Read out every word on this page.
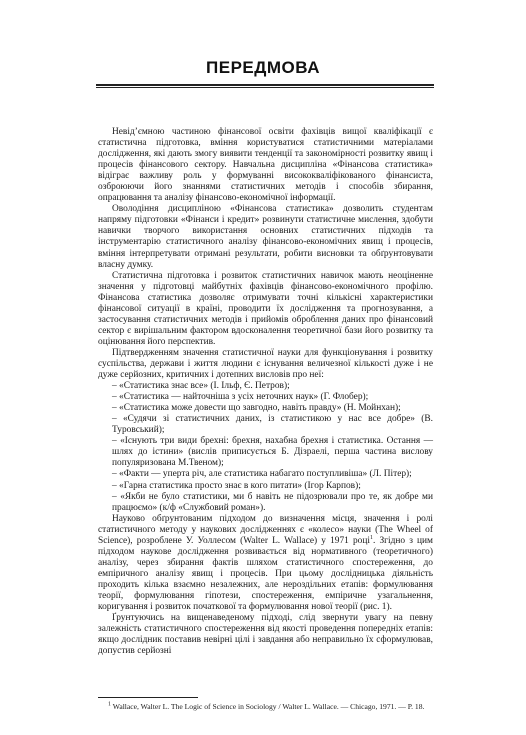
ПЕРЕДМОВА

Невід’ємною частиною фінансової освіти фахівців вищої кваліфікації є статистична підготовка, вміння користуватися статистичними матеріалами дослідження, які дають змогу виявити тенденції та закономірності розвитку явищ і процесів фінансового сектору. Навчальна дисципліна «Фінансова статистика» відіграє важливу роль у формуванні висококваліфікованого фінансиста, озброюючи його знаннями статистичних методів і способів збирання, опрацювання та аналізу фінансово-економічної інформації.

Оволодіння дисципліною «Фінансова статистика» дозволить студентам напряму підготовки «Фінанси і кредит» розвинути статистичне мислення, здобути навички творчого використання основних статистичних підходів та інструментарію статистичного аналізу фінансово-економічних явищ і процесів, вміння інтерпретувати отримані результати, робити висновки та обґрунтовувати власну думку.

Статистична підготовка і розвиток статистичних навичок мають неоціненне значення у підготовці майбутніх фахівців фінансово-економічного профілю. Фінансова статистика дозволяє отримувати точні кількісні характеристики фінансової ситуації в країні, проводити їх дослідження та прогнозування, а застосування статистичних методів і прийомів оброблення даних про фінансовий сектор є вирішальним фактором вдосконалення теоретичної бази його розвитку та оцінювання його перспектив.

Підтвердженням значення статистичної науки для функціонування і розвитку суспільства, держави і життя людини є існування величезної кількості дуже і не дуже серйозних, критичних і дотепних висловів про неї:

– «Статистика знає все» (І. Ільф, Є. Петров);

– «Статистика — найточніша з усіх неточних наук» (Г. Флобер);

– «Статистика може довести що завгодно, навіть правду» (Н. Мойнхан);

– «Судячи зі статистичних даних, із статистикою у нас все добре» (В. Туровський);

– «Існують три види брехні: брехня, нахабна брехня і статистика. Остання — шлях до істини» (вислів приписується Б. Дізраелі, перша частина вислову популяризована М.Твеном);

– «Факти — уперта річ, але статистика набагато поступливіша» (Л. Пітер);

– «Гарна статистика просто знає в кого питати» (Ігор Карпов);

– «Якби не було статистики, ми б навіть не підозрювали про те, як добре ми працюємо» (к/ф «Службовий роман»).

Науково обґрунтованим підходом до визначення місця, значення і ролі статистичного методу у наукових дослідженнях є «колесо» науки (The Wheel of Science), розроблене У. Уоллесом (Walter L. Wallace) у 1971 році$^1$. Згідно з цим підходом наукове дослідження розвивається від нормативного (теоретичного) аналізу, через збирання фактів шляхом статистичного спостереження, до емпіричного аналізу явищ і процесів. При цьому дослідницька діяльність проходить кілька взаємно незалежних, але нероздільних етапів: формулювання теорії, формулювання гіпотези, спостереження, емпіричне узагальнення, коригування і розвиток початкової та формулювання нової теорії (рис. 1).

Ґрунтуючись на вищенаведеному підході, слід звернути увагу на певну залежність статистичного спостереження від якості проведення попередніх етапів: якщо дослідник поставив невірні цілі і завдання або неправильно їх сформулював, допустив серйозні

$^1$ Wallace, Walter L. The Logic of Science in Sociology / Walter L. Wallace. — Chicago, 1971. — P. 18.
